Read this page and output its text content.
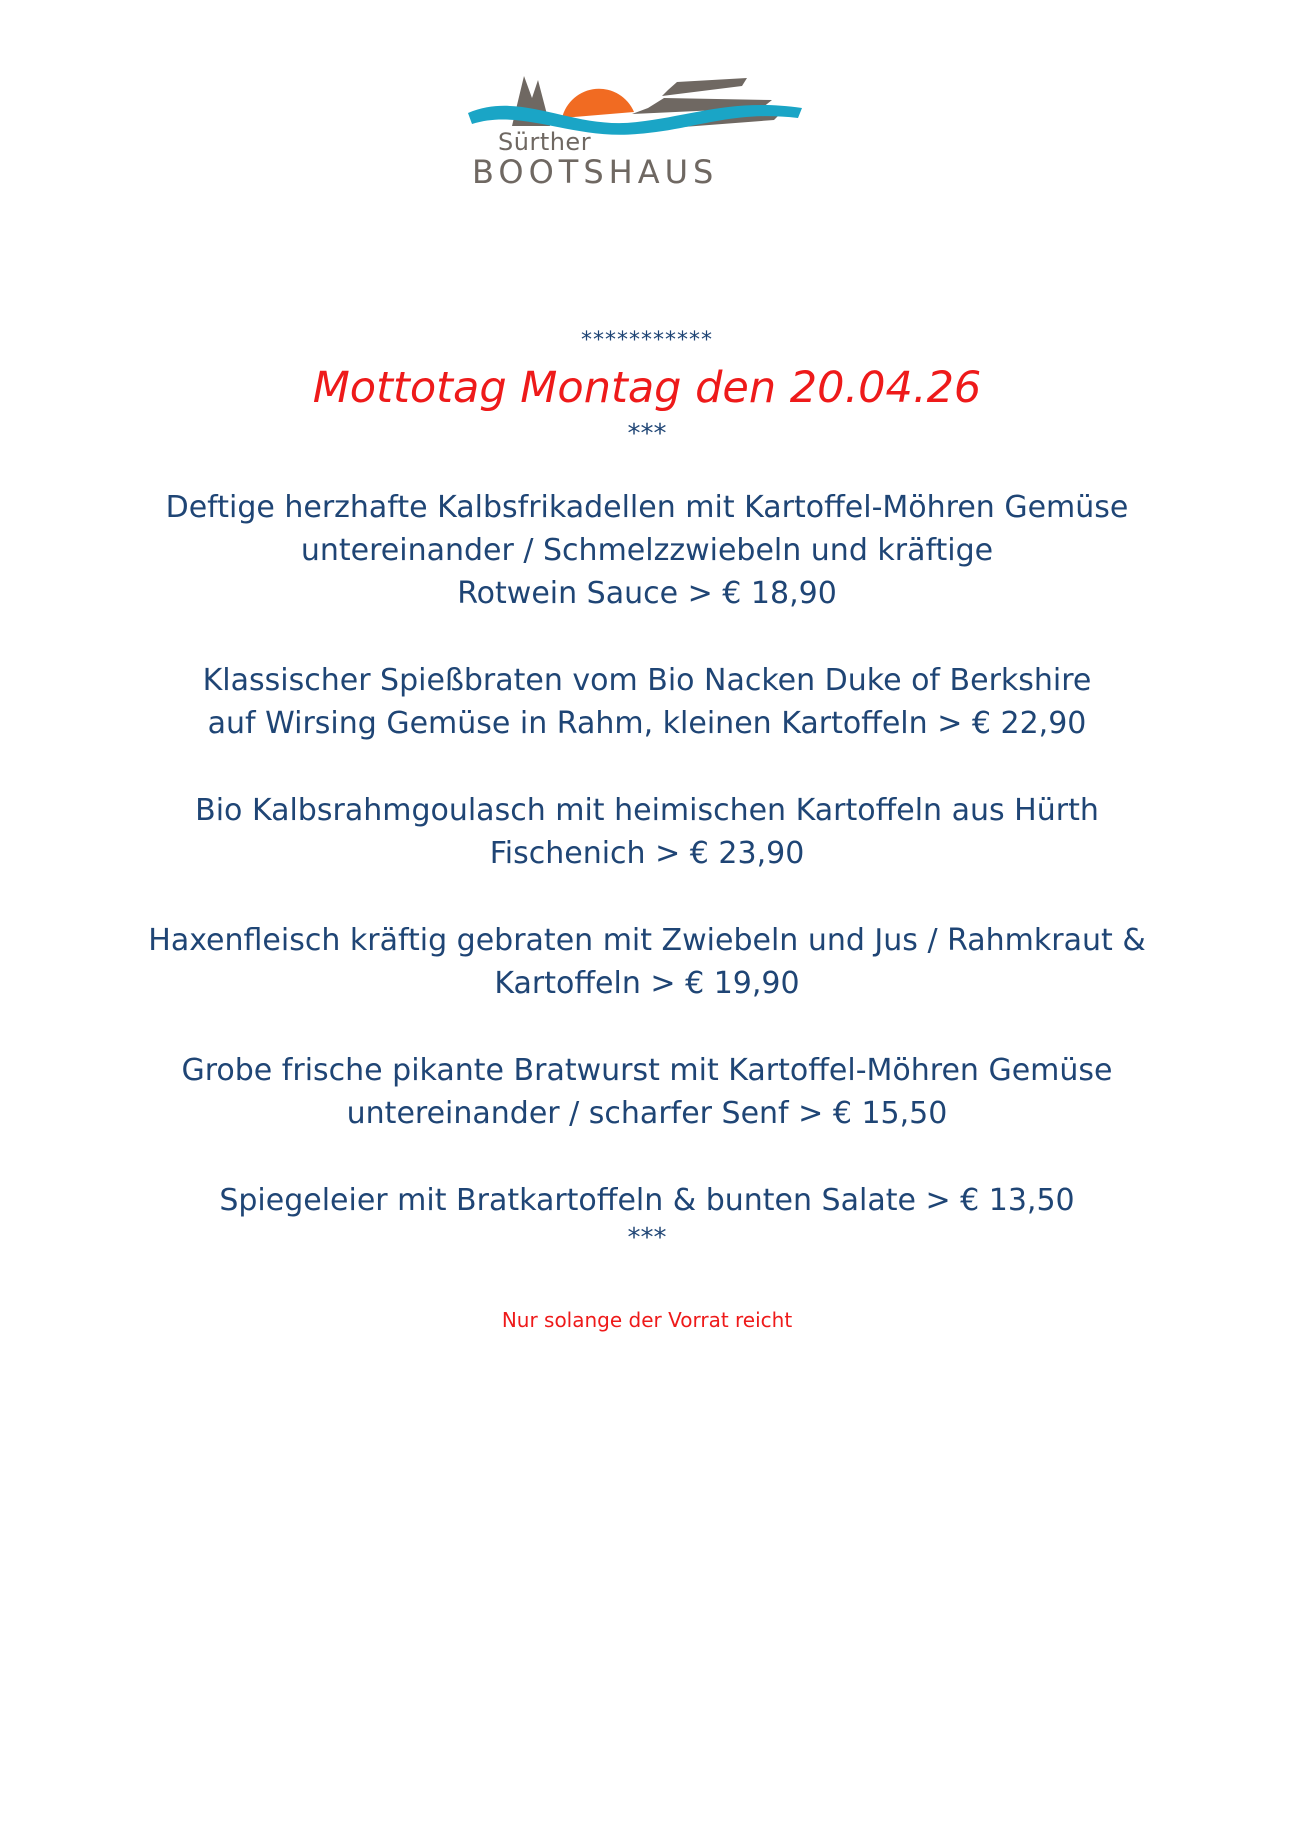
Sürther
BOOTSHAUS
***********
Mottotag Montag den 20.04.26
***
Deftige herzhafte Kalbsfrikadellen mit Kartoffel-Möhren Gemüse
untereinander / Schmelzzwiebeln und kräftige
Rotwein Sauce > € 18,90
Klassischer Spießbraten vom Bio Nacken Duke of Berkshire
auf Wirsing Gemüse in Rahm, kleinen Kartoffeln > € 22,90
Bio Kalbsrahmgoulasch mit heimischen Kartoffeln aus Hürth
Fischenich > € 23,90
Haxenfleisch kräftig gebraten mit Zwiebeln und Jus / Rahmkraut &
Kartoffeln > € 19,90
Grobe frische pikante Bratwurst mit Kartoffel-Möhren Gemüse
untereinander / scharfer Senf > € 15,50
Spiegeleier mit Bratkartoffeln & bunten Salate > € 13,50
***
Nur solange der Vorrat reicht
